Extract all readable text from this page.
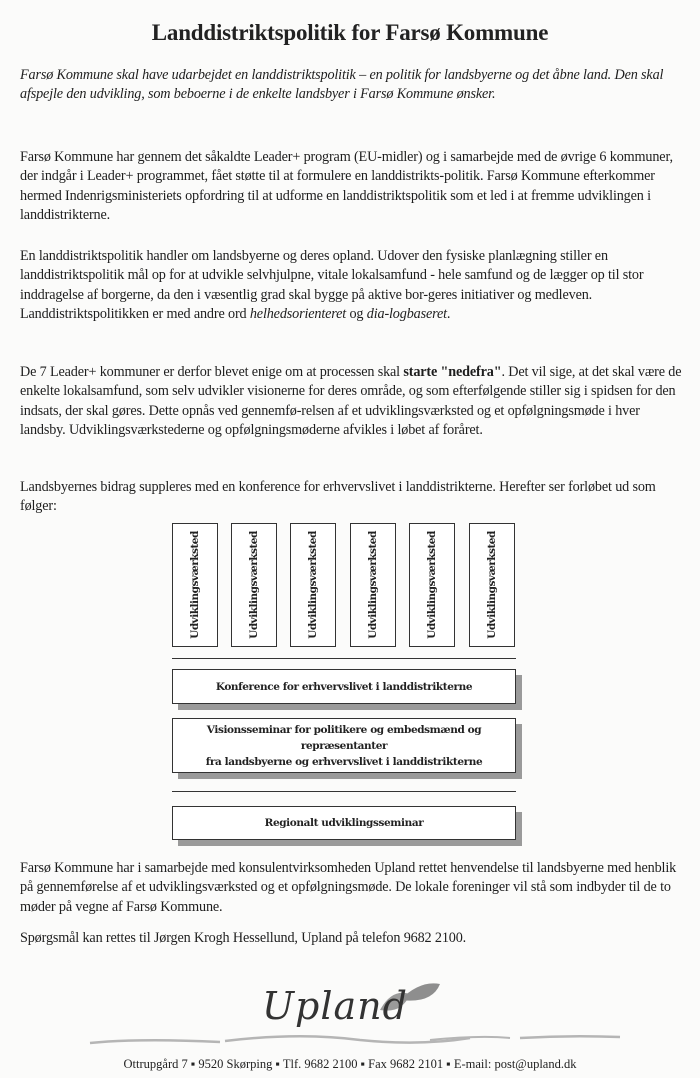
Landdistriktspolitik for Farsø Kommune

Farsø Kommune skal have udarbejdet en landdistriktspolitik – en politik for landsbyerne og det åbne land. Den skal afspejle den udvikling, som beboerne i de enkelte landsbyer i Farsø Kommune ønsker.

Farsø Kommune har gennem det såkaldte Leader+ program (EU-midler) og i samarbejde med de øvrige 6 kommuner, der indgår i Leader+ programmet, fået støtte til at formulere en landdistrikts-politik. Farsø Kommune efterkommer hermed Indenrigsministeriets opfordring til at udforme en landdistriktspolitik som et led i at fremme udviklingen i landdistrikterne.

En landdistriktspolitik handler om landsbyerne og deres opland. Udover den fysiske planlægning stiller en landdistriktspolitik mål op for at udvikle selvhjulpne, vitale lokalsamfund - hele samfund og de lægger op til stor inddragelse af borgerne, da den i væsentlig grad skal bygge på aktive bor-geres initiativer og medleven. Landdistriktspolitikken er med andre ord helhedsorienteret og dia-logbaseret.

De 7 Leader+ kommuner er derfor blevet enige om at processen skal starte "nedefra". Det vil sige, at det skal være de enkelte lokalsamfund, som selv udvikler visionerne for deres område, og som efterfølgende stiller sig i spidsen for den indsats, der skal gøres. Dette opnås ved gennemfø-relsen af et udviklingsværksted og et opfølgningsmøde i hver landsby. Udviklingsværkstederne og opfølgningsmøderne afvikles i løbet af foråret.

Landsbyernes bidrag suppleres med en konference for erhvervslivet i landdistrikterne. Herefter ser forløbet ud som følger:

Udviklingsværksted	Udviklingsværksted	Udviklingsværksted	Udviklingsværksted	Udviklingsværksted	Udviklingsværksted
Konference for erhvervslivet i landdistrikterne
Visionsseminar for politikere og embedsmænd og repræsentanter
fra landsbyerne og erhvervslivet i landdistrikterne
Regionalt udviklingsseminar

Farsø Kommune har i samarbejde med konsulentvirksomheden Upland rettet henvendelse til landsbyerne med henblik på gennemførelse af et udviklingsværksted og et opfølgningsmøde. De lokale foreninger vil stå som indbyder til de to møder på vegne af Farsø Kommune.

Spørgsmål kan rettes til Jørgen Krogh Hessellund, Upland på telefon 9682 2100.

Upland
Ottrupgård 7 ▪ 9520 Skørping ▪ Tlf. 9682 2100 ▪ Fax 9682 2101 ▪ E-mail: post@upland.dk
